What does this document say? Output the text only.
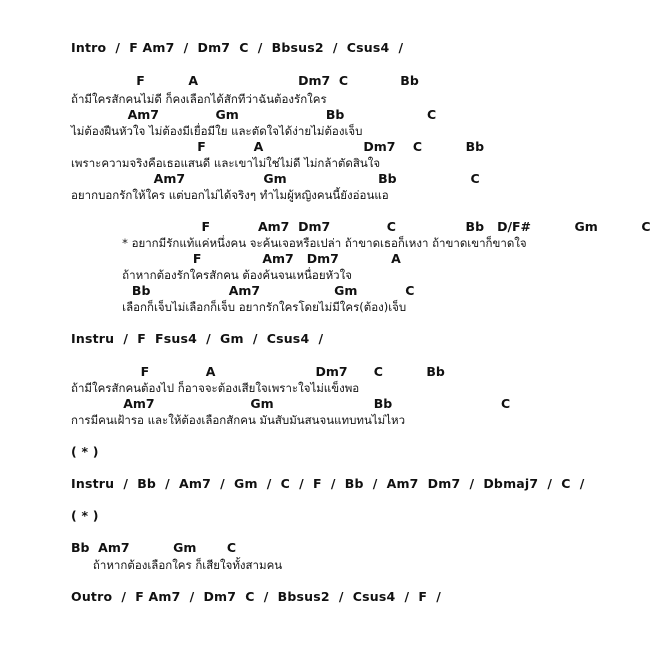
Intro  /  F Am7  /  Dm7  C  /  Bbsus2  /  Csus4  /
F          A                       Dm7  C            Bb
ถ้ามีใครสักคนไม่ดี ก็คงเลือกได้สักทีว่าฉันต้องรักใคร
Am7             Gm                    Bb                   C
ไม่ต้องฝืนหัวใจ ไม่ต้องมีเยื่อมีใย และตัดใจได้ง่ายไม่ต้องเจ็บ
F           A                       Dm7    C          Bb
เพราะความจริงคือเธอแสนดี และเขาไม่ใช่ไม่ดี ไม่กล้าตัดสินใจ
Am7                  Gm                     Bb                 C
อยากบอกรักให้ใคร แต่บอกไม่ได้จริงๆ ทำไมผู้หญิงคนนี้ยังอ่อนแอ
F           Am7  Dm7             C                Bb   D/F#          Gm          C
* อยากมีรักแท้แค่หนึ่งคน จะค้นเจอหรือเปล่า ถ้าขาดเธอก็เหงา ถ้าขาดเขาก็ขาดใจ
F              Am7   Dm7            A
ถ้าหากต้องรักใครสักคน ต้องค้นจนเหนื่อยหัวใจ
Bb                  Am7                 Gm           C
เลือกก็เจ็บไม่เลือกก็เจ็บ อยากรักใครโดยไม่มีใคร(ต้อง)เจ็บ
Instru  /  F  Fsus4  /  Gm  /  Csus4  /
F             A                       Dm7      C          Bb
ถ้ามีใครสักคนต้องไป ก็อาจจะต้องเสียใจเพราะใจไม่แข็งพอ
Am7                      Gm                       Bb                         C
การมีคนเฝ้ารอ และให้ต้องเลือกสักคน มันสับมันสนจนแทบทนไม่ไหว
( * )
Instru  /  Bb  /  Am7  /  Gm  /  C  /  F  /  Bb  /  Am7  Dm7  /  Dbmaj7  /  C  /
( * )
Bb  Am7          Gm       C
ถ้าหากต้องเลือกใคร ก็เสียใจทั้งสามคน
Outro  /  F Am7  /  Dm7  C  /  Bbsus2  /  Csus4  /  F  /
